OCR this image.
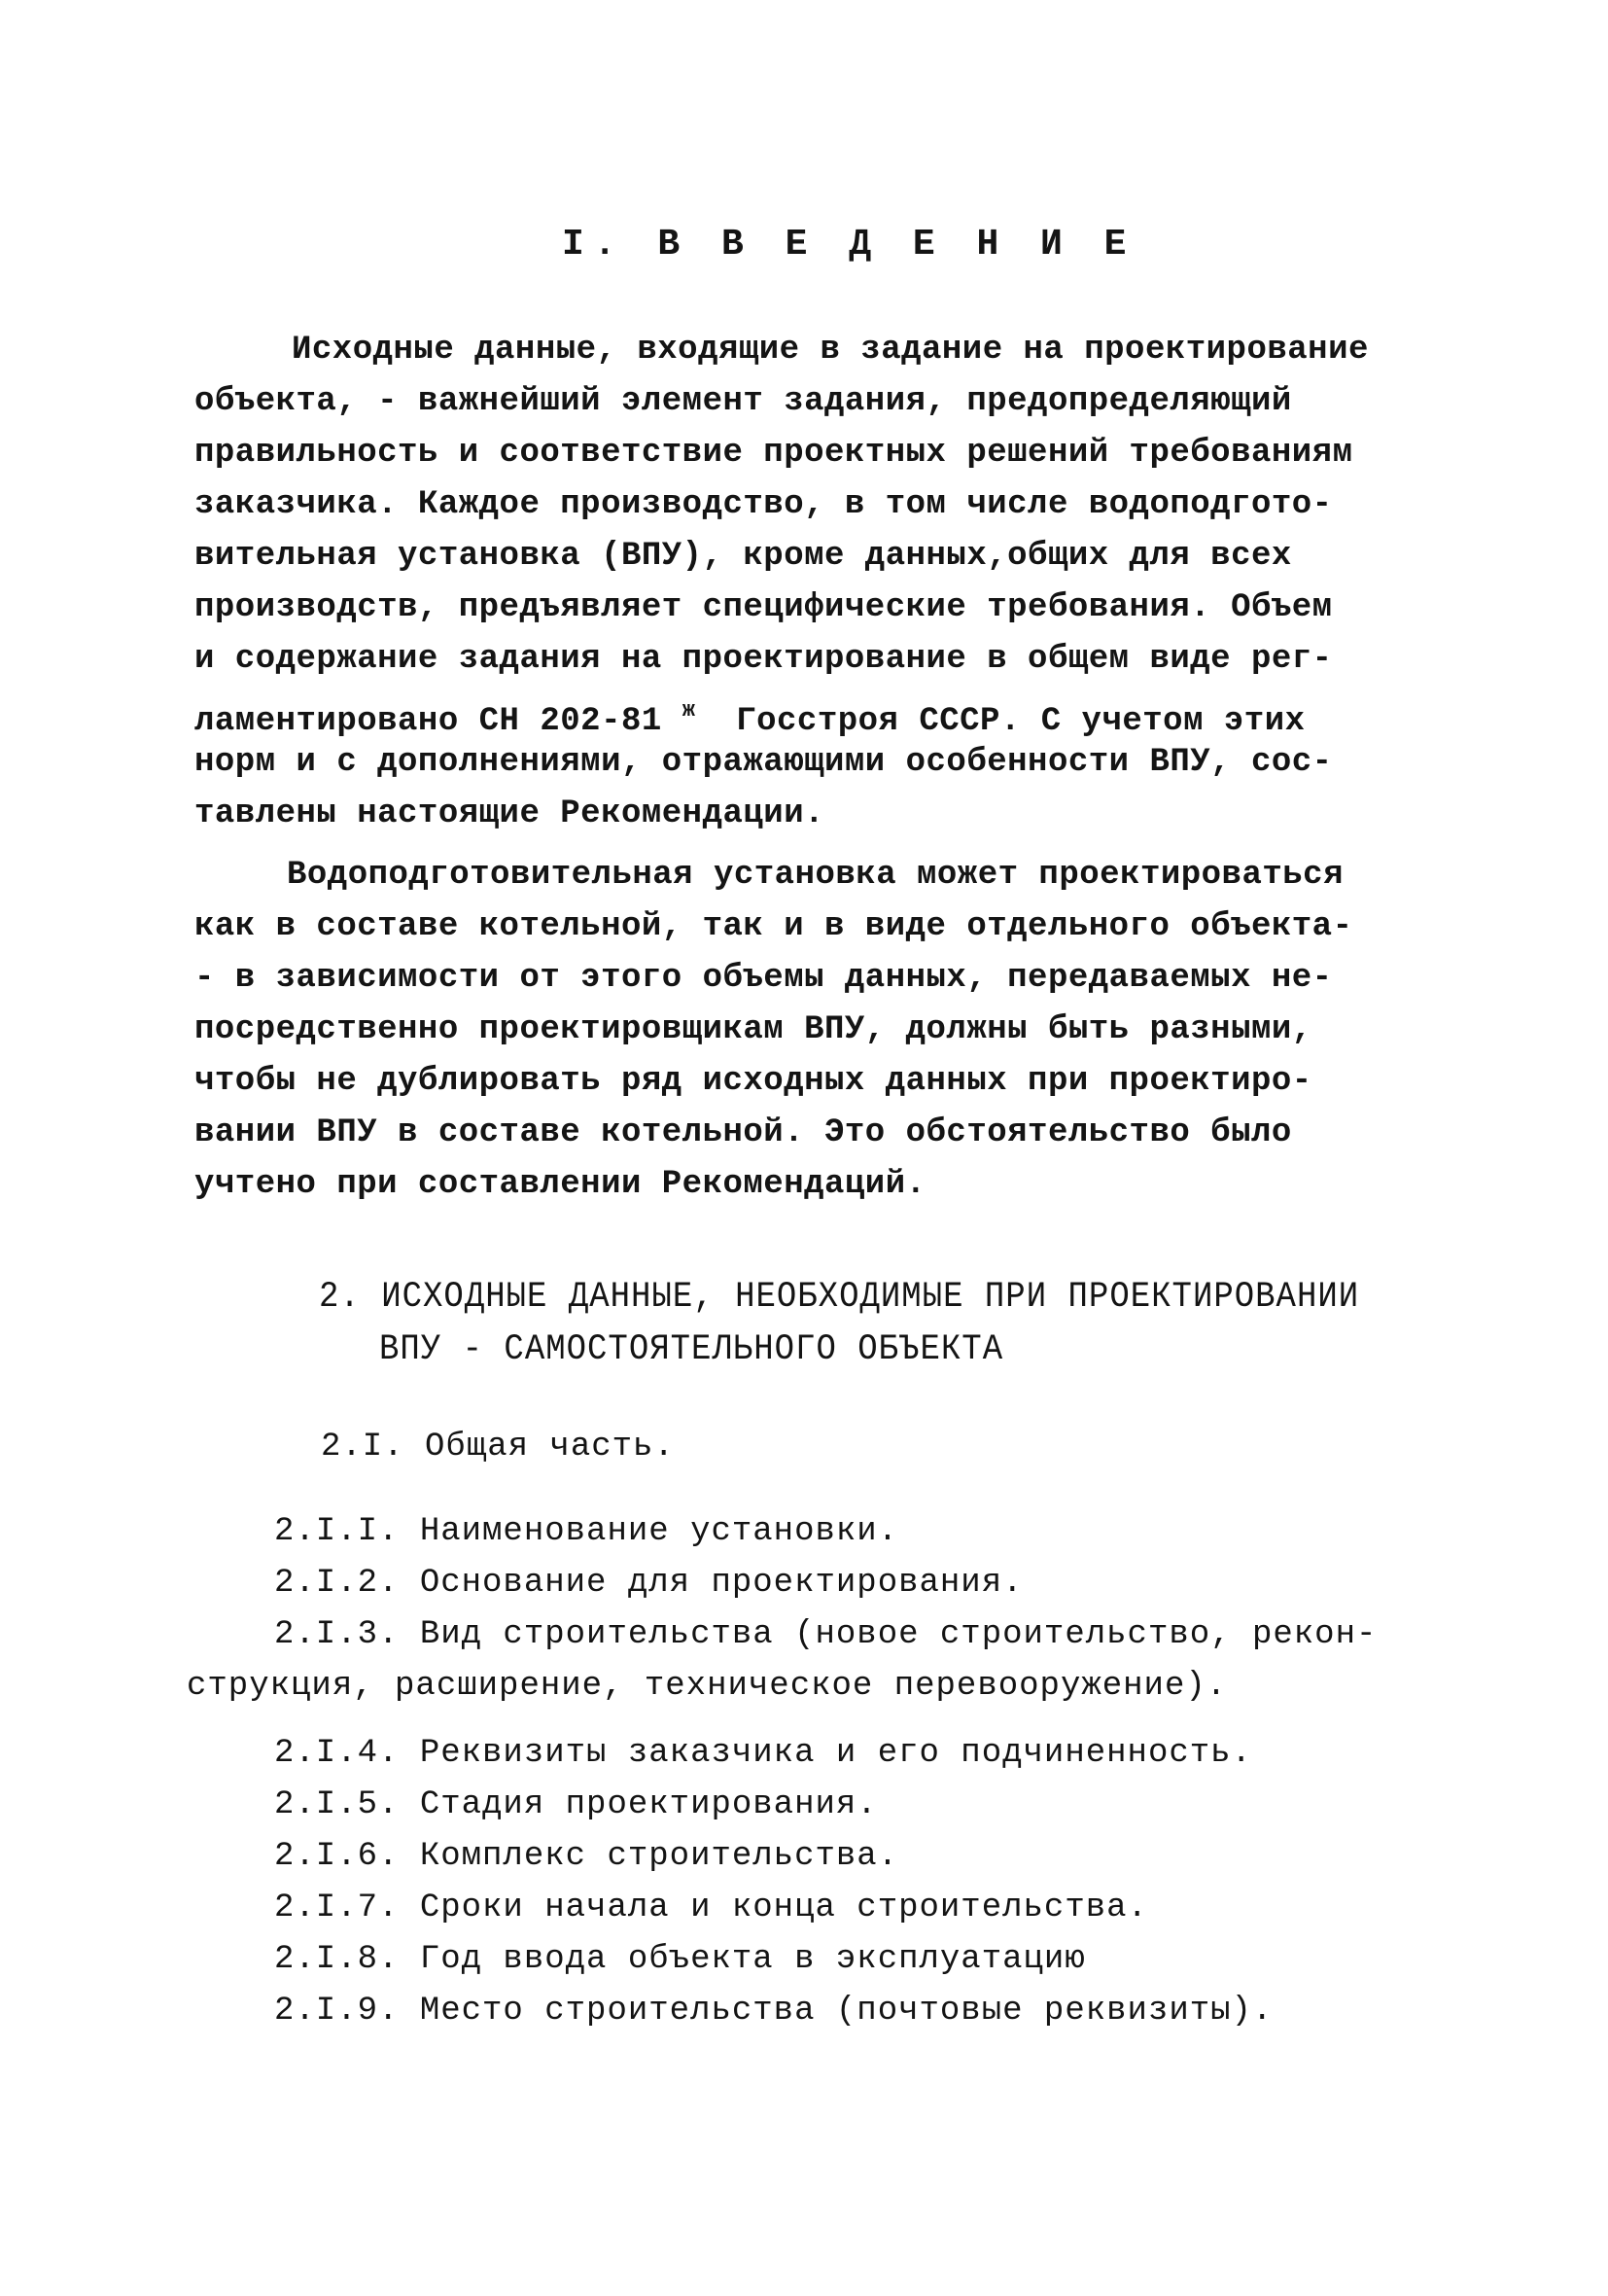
I. В В Е Д Е Н И Е
Исходные данные, входящие в задание на проектирование
объекта, - важнейший элемент задания, предопределяющий
правильность и соответствие проектных решений требованиям
заказчика. Каждое производство, в том числе водоподгото-
вительная установка (ВПУ), кроме данных,общих для всех
производств, предъявляет специфические требования. Объем
и содержание задания на проектирование в общем виде рег-
ламентировано СН 202-81 $^ж$ Госстроя СССР. С учетом этих
норм и с дополнениями, отражающими особенности ВПУ, сос-
тавлены настоящие Рекомендации.
Водоподготовительная установка может проектироваться
как в составе котельной, так и в виде отдельного объекта-
- в зависимости от этого объемы данных, передаваемых не-
посредственно проектировщикам ВПУ, должны быть разными,
чтобы не дублировать ряд исходных данных при проектиро-
вании ВПУ в составе котельной. Это обстоятельство было
учтено при составлении Рекомендаций.
2. ИСХОДНЫЕ ДАННЫЕ, НЕОБХОДИМЫЕ ПРИ ПРОЕКТИРОВАНИИ
ВПУ - САМОСТОЯТЕЛЬНОГО ОБЪЕКТА
2.I. Общая часть.
2.I.I. Наименование установки.
2.I.2. Основание для проектирования.
2.I.3. Вид строительства (новое строительство, рекон-
струкция, расширение, техническое перевооружение).
2.I.4. Реквизиты заказчика и его подчиненность.
2.I.5. Стадия проектирования.
2.I.6. Комплекс строительства.
2.I.7. Сроки начала и конца строительства.
2.I.8. Год ввода объекта в эксплуатацию
2.I.9. Место строительства (почтовые реквизиты).
